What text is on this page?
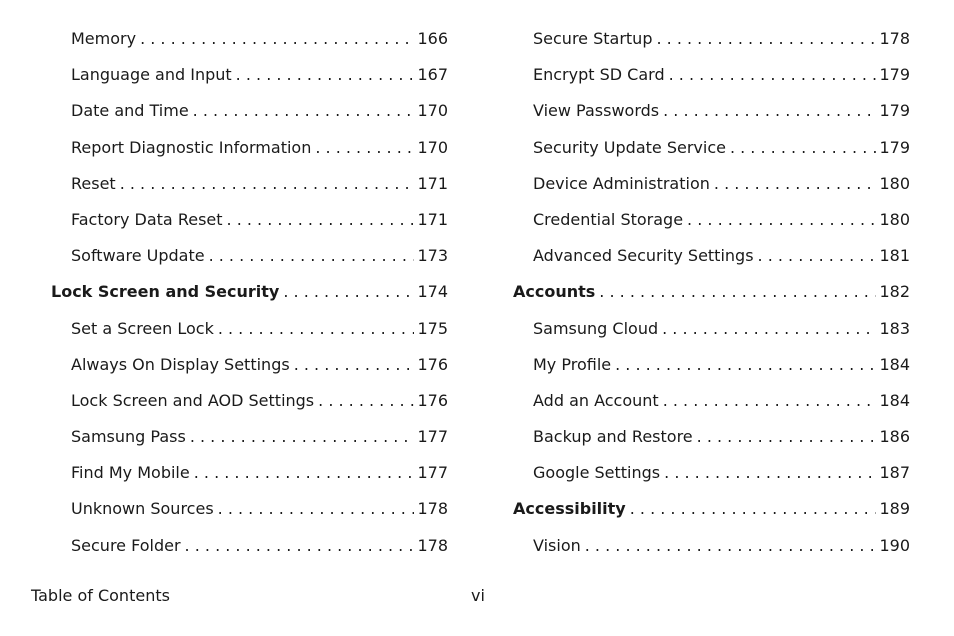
Memory . . .	166
Language and Input . . .	167
Date and Time . . .	170
Report Diagnostic Information . . .	170
Reset . . .	171
Factory Data Reset . . .	171
Software Update . . .	173
Lock Screen and Security . . .	174
Set a Screen Lock . . .	175
Always On Display Settings . . .	176
Lock Screen and AOD Settings . . .	176
Samsung Pass . . .	177
Find My Mobile . . .	177
Unknown Sources . . .	178
Secure Folder . . .	178
Secure Startup . . .	178
Encrypt SD Card . . .	179
View Passwords . . .	179
Security Update Service . . .	179
Device Administration . . .	180
Credential Storage . . .	180
Advanced Security Settings . . .	181
Accounts . . .	182
Samsung Cloud . . .	183
My Profile . . .	184
Add an Account . . .	184
Backup and Restore . . .	186
Google Settings . . .	187
Accessibility . . .	189
Vision . . .	190
Table of Contents	vi
